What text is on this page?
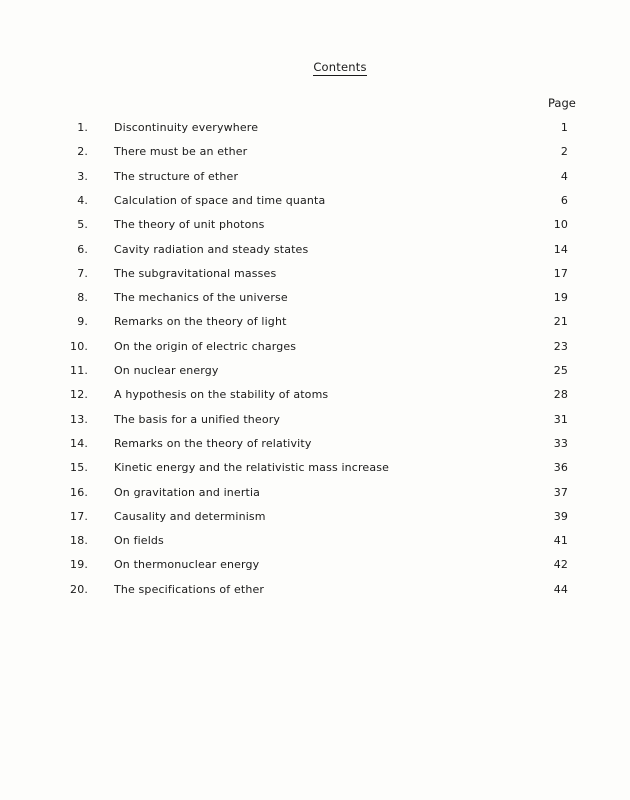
Contents
Page
1. Discontinuity everywhere	1
2. There must be an ether	2
3. The structure of ether	4
4. Calculation of space and time quanta	6
5. The theory of unit photons	10
6. Cavity radiation and steady states	14
7. The subgravitational masses	17
8. The mechanics of the universe	19
9. Remarks on the theory of light	21
10. On the origin of electric charges	23
11. On nuclear energy	25
12. A hypothesis on the stability of atoms	28
13. The basis for a unified theory	31
14. Remarks on the theory of relativity	33
15. Kinetic energy and the relativistic mass increase	36
16. On gravitation and inertia	37
17. Causality and determinism	39
18. On fields	41
19. On thermonuclear energy	42
20. The specifications of ether	44
